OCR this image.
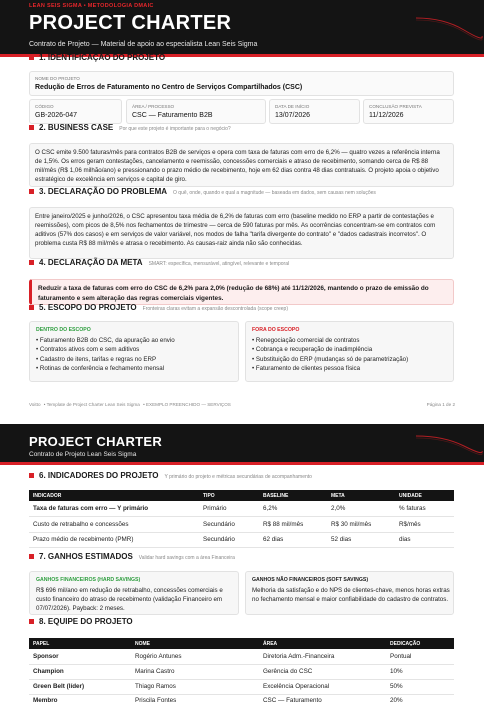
LEAN SEIS SIGMA • METODOLOGIA DMAIC
PROJECT CHARTER
Contrato de Projeto — Material de apoio ao especialista Lean Seis Sigma
1. IDENTIFICAÇÃO DO PROJETO
NOME DO PROJETO
Redução de Erros de Faturamento no Centro de Serviços Compartilhados (CSC)
CÓDIGO
GB-2026-047
ÁREA / PROCESSO
CSC — Faturamento B2B
DATA DE INÍCIO
13/07/2026
CONCLUSÃO PREVISTA
11/12/2026
2. BUSINESS CASE Por que este projeto é importante para o negócio?
O CSC emite 9.500 faturas/mês para contratos B2B de serviços e opera com taxa de faturas com erro de 6,2% — quatro vezes a referência interna de 1,5%. Os erros geram contestações, cancelamento e reemissão, concessões comerciais e atraso de recebimento, somando cerca de R$ 88 mil/mês (R$ 1,06 milhão/ano) e pressionando o prazo médio de recebimento, hoje em 62 dias contra 48 dias contratuais. O projeto apoia o objetivo estratégico de excelência em serviços e capital de giro.
3. DECLARAÇÃO DO PROBLEMA O quê, onde, quando e qual a magnitude — baseada em dados, sem causas nem soluções
Entre janeiro/2025 e junho/2026, o CSC apresentou taxa média de 6,2% de faturas com erro (baseline medido no ERP a partir de contestações e reemissões), com picos de 8,5% nos fechamentos de trimestre — cerca de 590 faturas por mês. As ocorrências concentram-se em contratos com aditivos (57% dos casos) e em serviços de valor variável, nos modos de falha "tarifa divergente do contrato" e "dados cadastrais incorretos". O problema custa R$ 88 mil/mês e atrasa o recebimento. As causas-raiz ainda não são conhecidas.
4. DECLARAÇÃO DA META SMART: específica, mensurável, atingível, relevante e temporal
Reduzir a taxa de faturas com erro do CSC de 6,2% para 2,0% (redução de 68%) até 11/12/2026, mantendo o prazo de emissão do faturamento e sem alteração das regras comerciais vigentes.
5. ESCOPO DO PROJETO Fronteiras claras evitam a expansão descontrolada (scope creep)
DENTRO DO ESCOPO
• Faturamento B2B do CSC, da apuração ao envio
• Contratos ativos com e sem aditivos
• Cadastro de itens, tarifas e regras no ERP
• Rotinas de conferência e fechamento mensal
FORA DO ESCOPO
• Renegociação comercial de contratos
• Cobrança e recuperação de inadimplência
• Substituição do ERP (mudanças só de parametrização)
• Faturamento de clientes pessoa física
Voitto • Template de Project Charter Lean Seis Sigma • EXEMPLO PREENCHIDO — SERVIÇOS	Página 1 de 2
PROJECT CHARTER
Contrato de Projeto Lean Seis Sigma
6. INDICADORES DO PROJETO Y primário do projeto e métricas secundárias de acompanhamento
INDICADOR	TIPO	BASELINE	META	UNIDADE
Taxa de faturas com erro — Y primário	Primário	6,2%	2,0%	% faturas
Custo de retrabalho e concessões	Secundário	R$ 88 mil/mês	R$ 30 mil/mês	R$/mês
Prazo médio de recebimento (PMR)	Secundário	62 dias	52 dias	dias
7. GANHOS ESTIMADOS Validar hard savings com a área Financeira
GANHOS FINANCEIROS (HARD SAVINGS)
R$ 696 mil/ano em redução de retrabalho, concessões comerciais e custo financeiro do atraso de recebimento (validação Financeiro em 07/07/2026). Payback: 2 meses.
GANHOS NÃO FINANCEIROS (SOFT SAVINGS)
Melhoria da satisfação e do NPS de clientes-chave, menos horas extras no fechamento mensal e maior confiabilidade do cadastro de contratos.
8. EQUIPE DO PROJETO
PAPEL	NOME	ÁREA	DEDICAÇÃO
Sponsor	Rogério Antunes	Diretoria Adm.-Financeira	Pontual
Champion	Marina Castro	Gerência do CSC	10%
Green Belt (líder)	Thiago Ramos	Excelência Operacional	50%
Membro	Priscila Fontes	CSC — Faturamento	20%
